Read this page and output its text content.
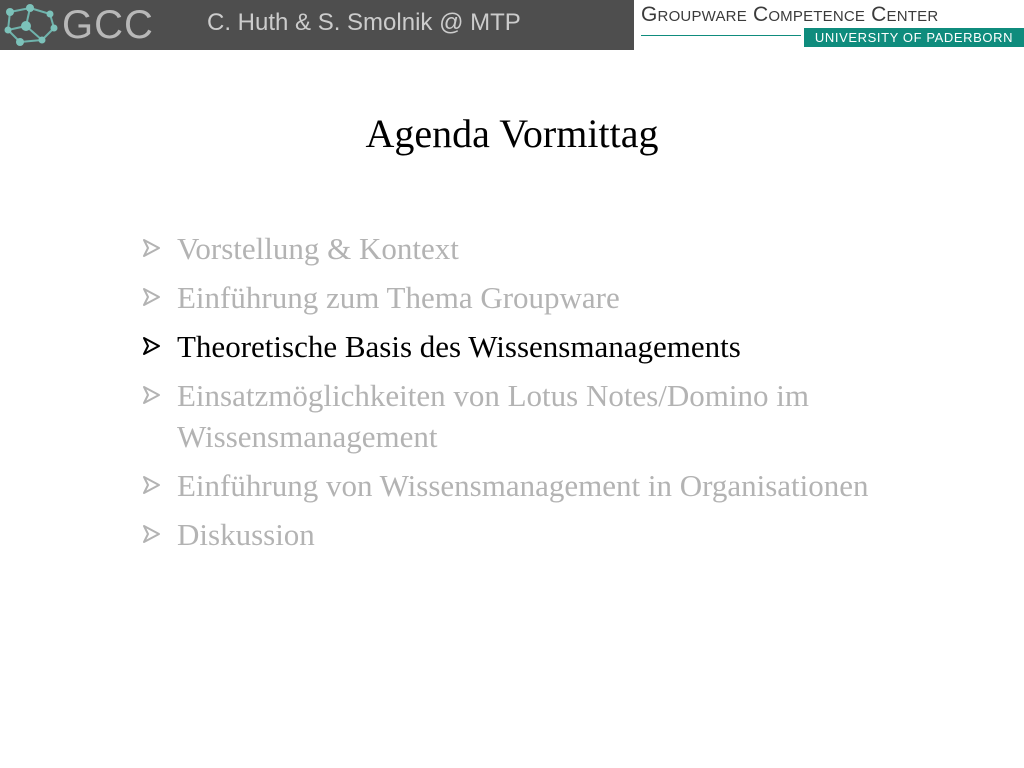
GCC C. Huth & S. Smolnik @ MTP	Groupware Competence Center
UNIVERSITY OF PADERBORN
Agenda Vormittag
Vorstellung & Kontext
Einführung zum Thema Groupware
Theoretische Basis des Wissensmanagements
Einsatzmöglichkeiten von Lotus Notes/Domino im Wissensmanagement
Einführung von Wissensmanagement in Organisationen
Diskussion
